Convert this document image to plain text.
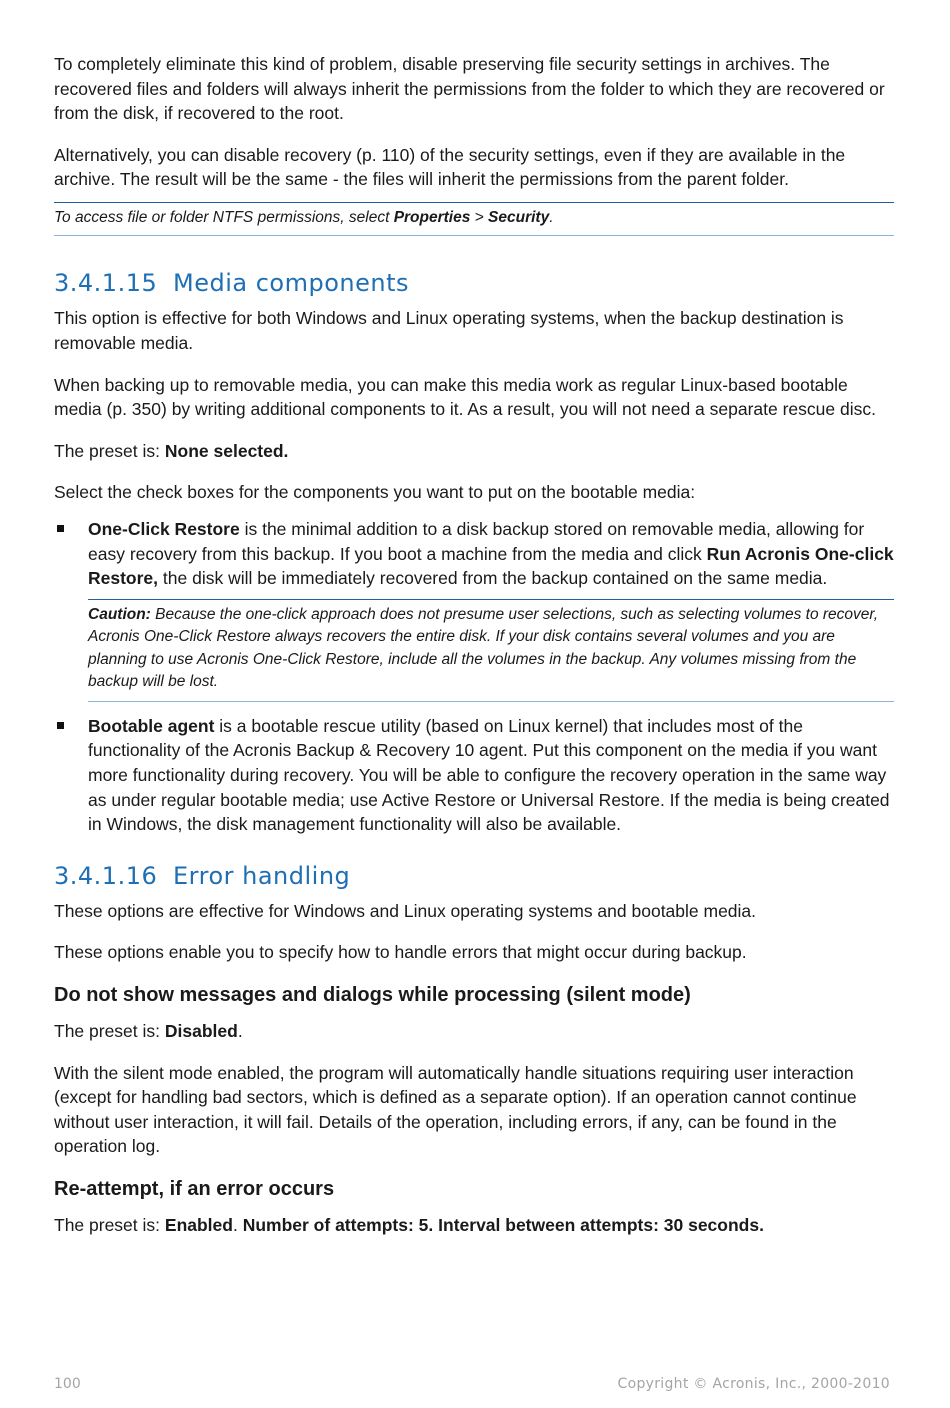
To completely eliminate this kind of problem, disable preserving file security settings in archives. The recovered files and folders will always inherit the permissions from the folder to which they are recovered or from the disk, if recovered to the root.

Alternatively, you can disable recovery (p. 110) of the security settings, even if they are available in the archive. The result will be the same - the files will inherit the permissions from the parent folder.

To access file or folder NTFS permissions, select Properties > Security.
3.4.1.15 Media components

This option is effective for both Windows and Linux operating systems, when the backup destination is removable media.

When backing up to removable media, you can make this media work as regular Linux-based bootable media (p. 350) by writing additional components to it. As a result, you will not need a separate rescue disc.

The preset is: None selected.

Select the check boxes for the components you want to put on the bootable media:

One-Click Restore is the minimal addition to a disk backup stored on removable media, allowing for easy recovery from this backup. If you boot a machine from the media and click Run Acronis One-click Restore, the disk will be immediately recovered from the backup contained on the same media.

Caution: Because the one-click approach does not presume user selections, such as selecting volumes to recover, Acronis One-Click Restore always recovers the entire disk. If your disk contains several volumes and you are planning to use Acronis One-Click Restore, include all the volumes in the backup. Any volumes missing from the backup will be lost.

Bootable agent is a bootable rescue utility (based on Linux kernel) that includes most of the functionality of the Acronis Backup & Recovery 10 agent. Put this component on the media if you want more functionality during recovery. You will be able to configure the recovery operation in the same way as under regular bootable media; use Active Restore or Universal Restore. If the media is being created in Windows, the disk management functionality will also be available.

3.4.1.16 Error handling

These options are effective for Windows and Linux operating systems and bootable media.

These options enable you to specify how to handle errors that might occur during backup.

Do not show messages and dialogs while processing (silent mode)

The preset is: Disabled.

With the silent mode enabled, the program will automatically handle situations requiring user interaction (except for handling bad sectors, which is defined as a separate option). If an operation cannot continue without user interaction, it will fail. Details of the operation, including errors, if any, can be found in the operation log.

Re-attempt, if an error occurs

The preset is: Enabled. Number of attempts: 5. Interval between attempts: 30 seconds.

100	Copyright © Acronis, Inc., 2000-2010
